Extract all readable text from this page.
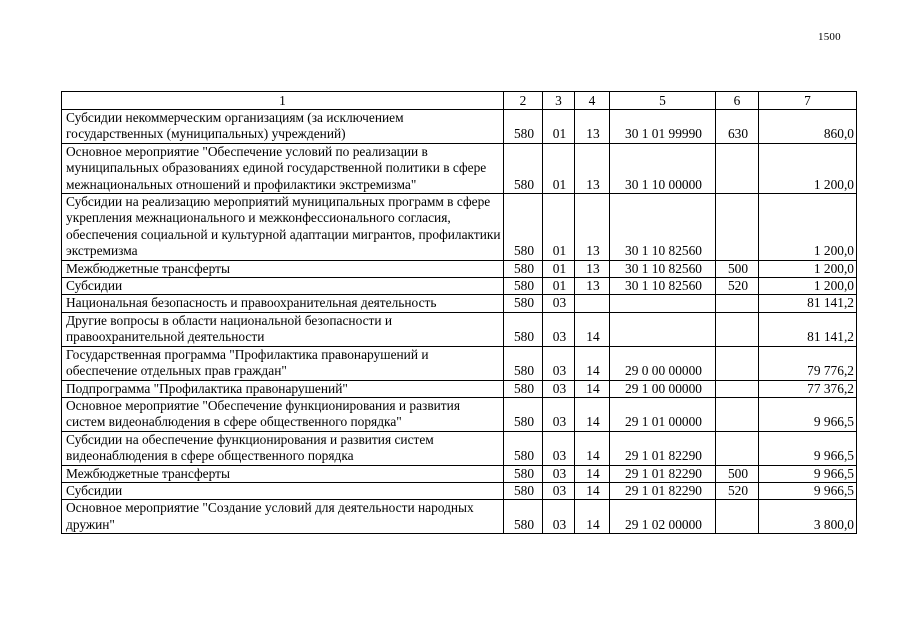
1500
1	2	3	4	5	6	7
Субсидии некоммерческим организациям (за исключением государственных (муниципальных) учреждений)	580	01	13	30 1 01 99990	630	860,0
Основное мероприятие "Обеспечение условий по реализации в муниципальных образованиях единой государственной политики в сфере межнациональных отношений и профилактики экстремизма"	580	01	13	30 1 10 00000		1 200,0
Субсидии на реализацию мероприятий муниципальных программ в сфере укрепления межнационального и межконфессионального согласия, обеспечения социальной и культурной адаптации мигрантов, профилактики экстремизма	580	01	13	30 1 10 82560		1 200,0
Межбюджетные трансферты	580	01	13	30 1 10 82560	500	1 200,0
Субсидии	580	01	13	30 1 10 82560	520	1 200,0
Национальная безопасность и правоохранительная деятельность	580	03				81 141,2
Другие вопросы в области национальной безопасности и правоохранительной деятельности	580	03	14			81 141,2
Государственная программа "Профилактика правонарушений и обеспечение отдельных прав граждан"	580	03	14	29 0 00 00000		79 776,2
Подпрограмма "Профилактика правонарушений"	580	03	14	29 1 00 00000		77 376,2
Основное мероприятие "Обеспечение функционирования и развития систем видеонаблюдения в сфере общественного порядка"	580	03	14	29 1 01 00000		9 966,5
Субсидии на обеспечение функционирования и развития систем видеонаблюдения в сфере общественного порядка	580	03	14	29 1 01 82290		9 966,5
Межбюджетные трансферты	580	03	14	29 1 01 82290	500	9 966,5
Субсидии	580	03	14	29 1 01 82290	520	9 966,5
Основное мероприятие "Создание условий для деятельности народных дружин"	580	03	14	29 1 02 00000		3 800,0
